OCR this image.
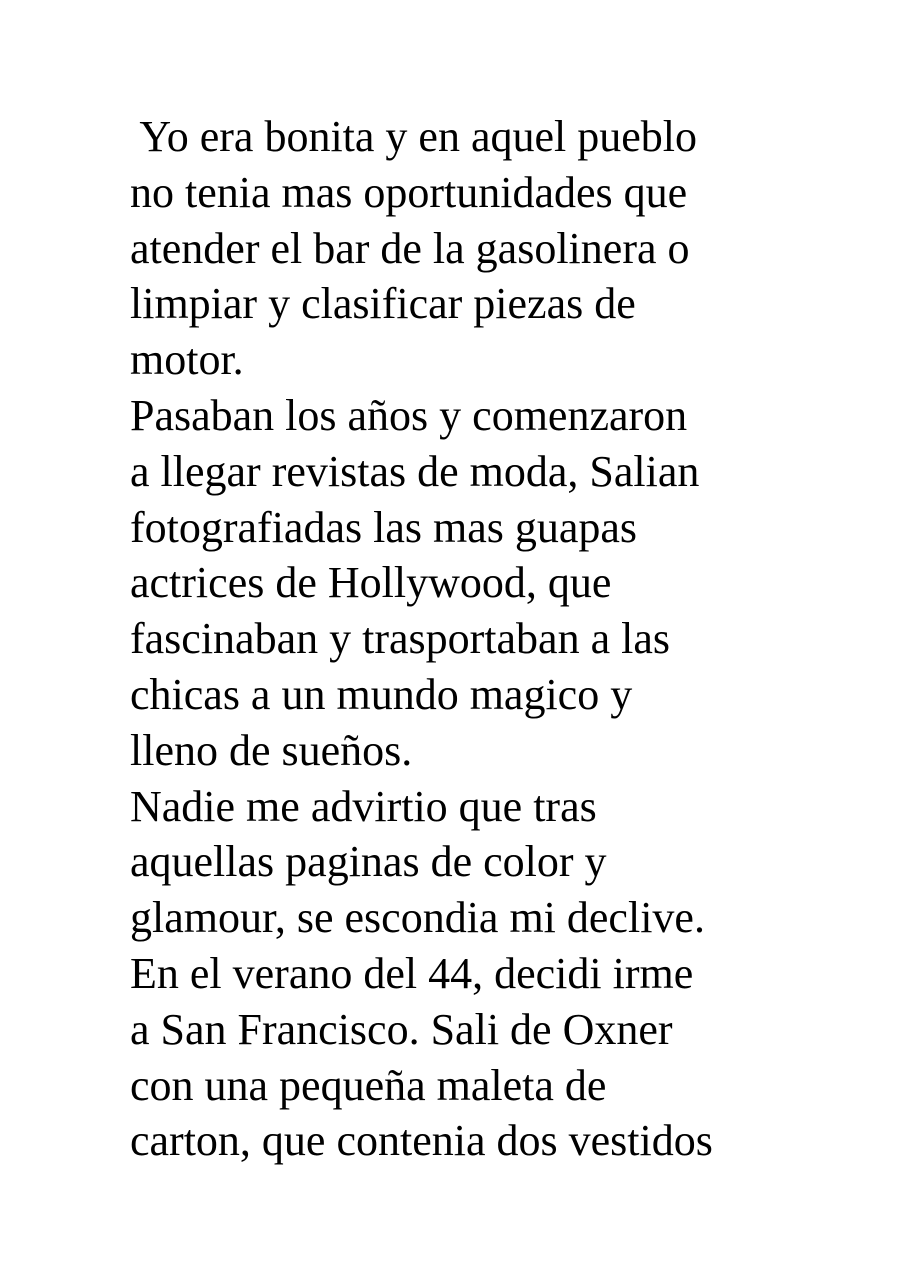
Yo era bonita y en aquel pueblo
no tenia mas oportunidades que
atender el bar de la gasolinera o
limpiar y clasificar piezas de
motor.
Pasaban los años y comenzaron
a llegar revistas de moda, Salian
fotografiadas las mas guapas
actrices de Hollywood, que
fascinaban y trasportaban a las
chicas a un mundo magico y
lleno de sueños.
Nadie me advirtio que tras
aquellas paginas de color y
glamour, se escondia mi declive.
En el verano del 44, decidi irme
a San Francisco. Sali de Oxner
con una pequeña maleta de
carton, que contenia dos vestidos
